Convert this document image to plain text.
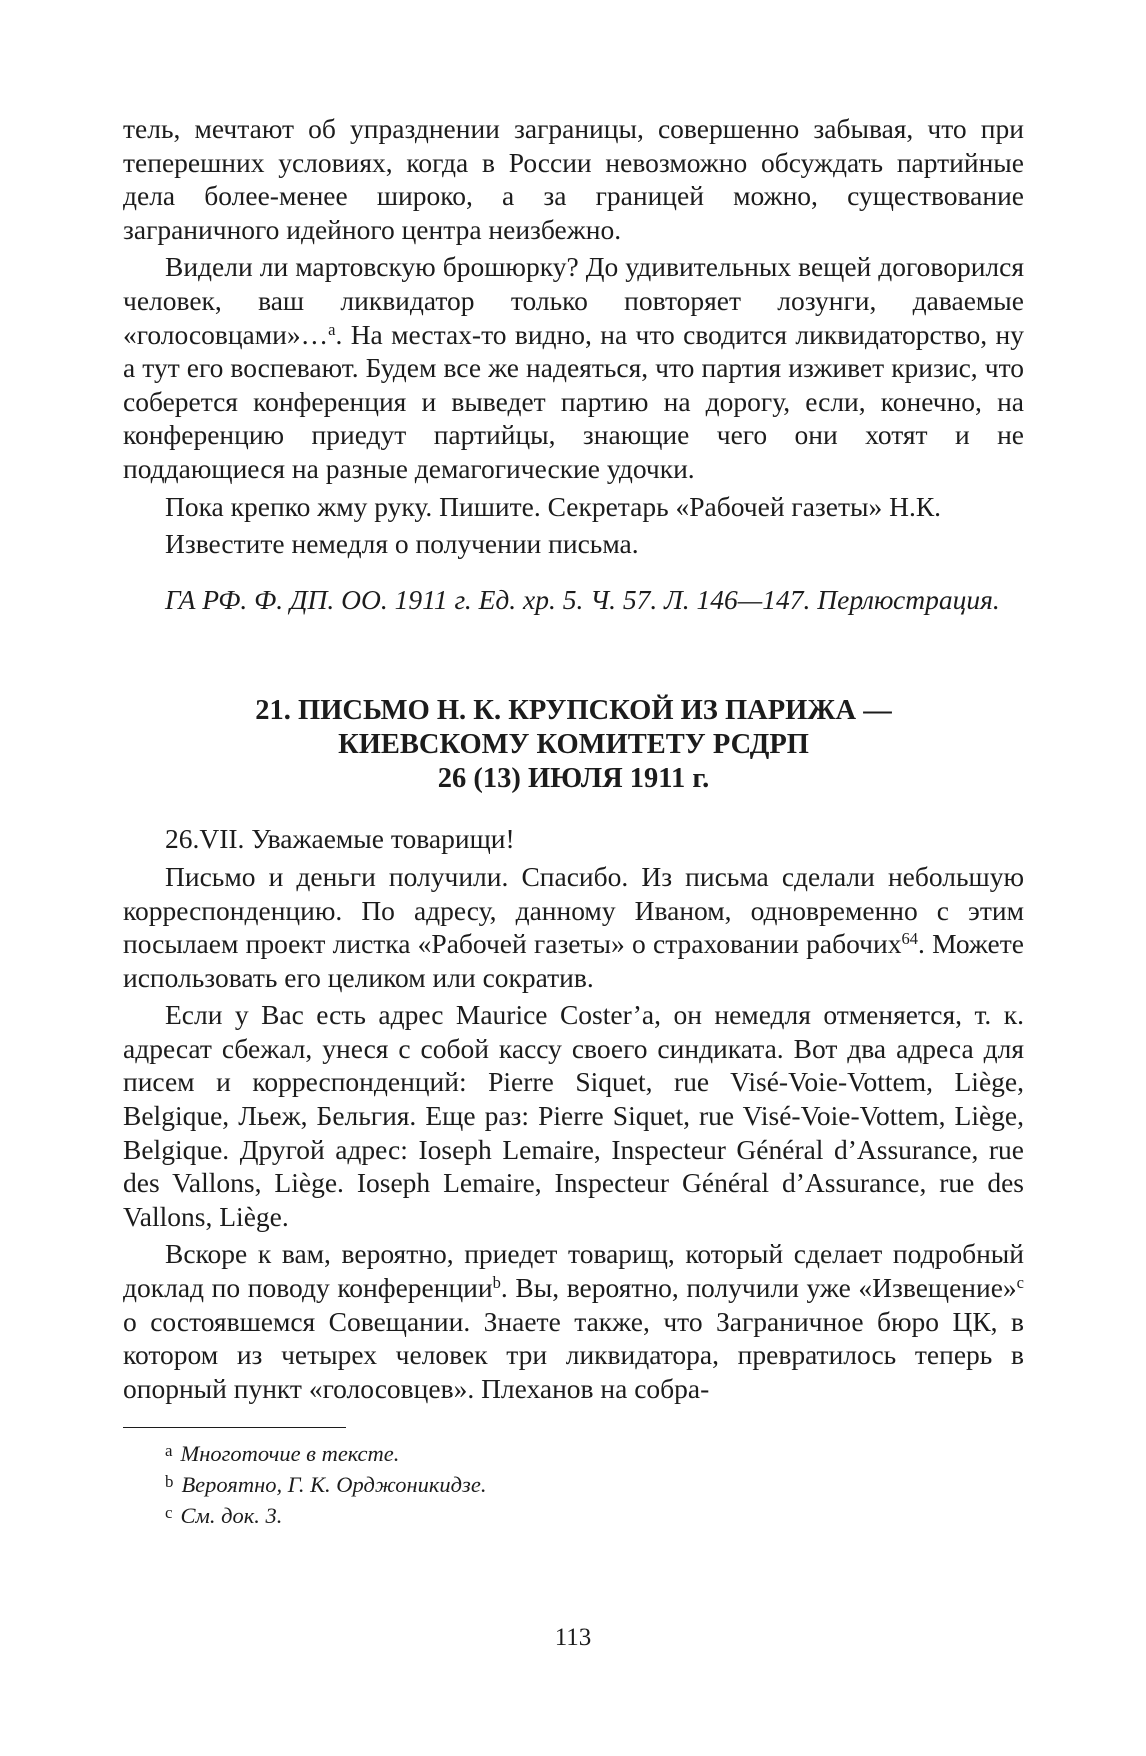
тель, мечтают об упразднении заграницы, совершенно забывая, что при теперешних условиях, когда в России невозможно обсуждать партийные дела более-менее широко, а за границей можно, существование заграничного идейного центра неизбежно.

Видели ли мартовскую брошюрку? До удивительных вещей договорился человек, ваш ликвидатор только повторяет лозунги, даваемые «голосовцами»…$^a$. На местах-то видно, на что сводится ликвидаторство, ну а тут его воспевают. Будем все же надеяться, что партия изживет кризис, что соберется конференция и выведет партию на дорогу, если, конечно, на конференцию приедут партийцы, знающие чего они хотят и не поддающиеся на разные демагогические удочки.

Пока крепко жму руку. Пишите. Секретарь «Рабочей газеты» Н.К.

Известите немедля о получении письма.

ГА РФ. Ф. ДП. ОО. 1911 г. Ед. хр. 5. Ч. 57. Л. 146—147. Перлюстрация.

21. ПИСЬМО Н. К. КРУПСКОЙ ИЗ ПАРИЖА —
КИЕВСКОМУ КОМИТЕТУ РСДРП
26 (13) ИЮЛЯ 1911 г.

26.VII. Уважаемые товарищи!

Письмо и деньги получили. Спасибо. Из письма сделали небольшую корреспонденцию. По адресу, данному Иваном, одновременно с этим посылаем проект листка «Рабочей газеты» о страховании рабочих$^{64}$. Можете использовать его целиком или сократив.

Если у Вас есть адрес Maurice Coster’а, он немедля отменяется, т. к. адресат сбежал, унеся с собой кассу своего синдиката. Вот два адреса для писем и корреспонденций: Pierre Siquet, rue Visé-Voie-Vottem, Liège, Belgique, Льеж, Бельгия. Еще раз: Pierre Siquet, rue Visé-Voie-Vottem, Liège, Belgique. Другой адрес: Ioseph Lemaire, Inspecteur Général d’Assurance, rue des Vallons, Liège. Ioseph Lemaire, Inspecteur Général d’Assurance, rue des Vallons, Liège.

Вскоре к вам, вероятно, приедет товарищ, который сделает подробный доклад по поводу конференции$^b$. Вы, вероятно, получили уже «Извещение»$^c$ о состоявшемся Совещании. Знаете также, что Заграничное бюро ЦК, в котором из четырех человек три ликвидатора, превратилось теперь в опорный пункт «голосовцев». Плеханов на собра-

$^a$ Многоточие в тексте.
$^b$ Вероятно, Г. К. Орджоникидзе.
$^c$ См. док. 3.
113
